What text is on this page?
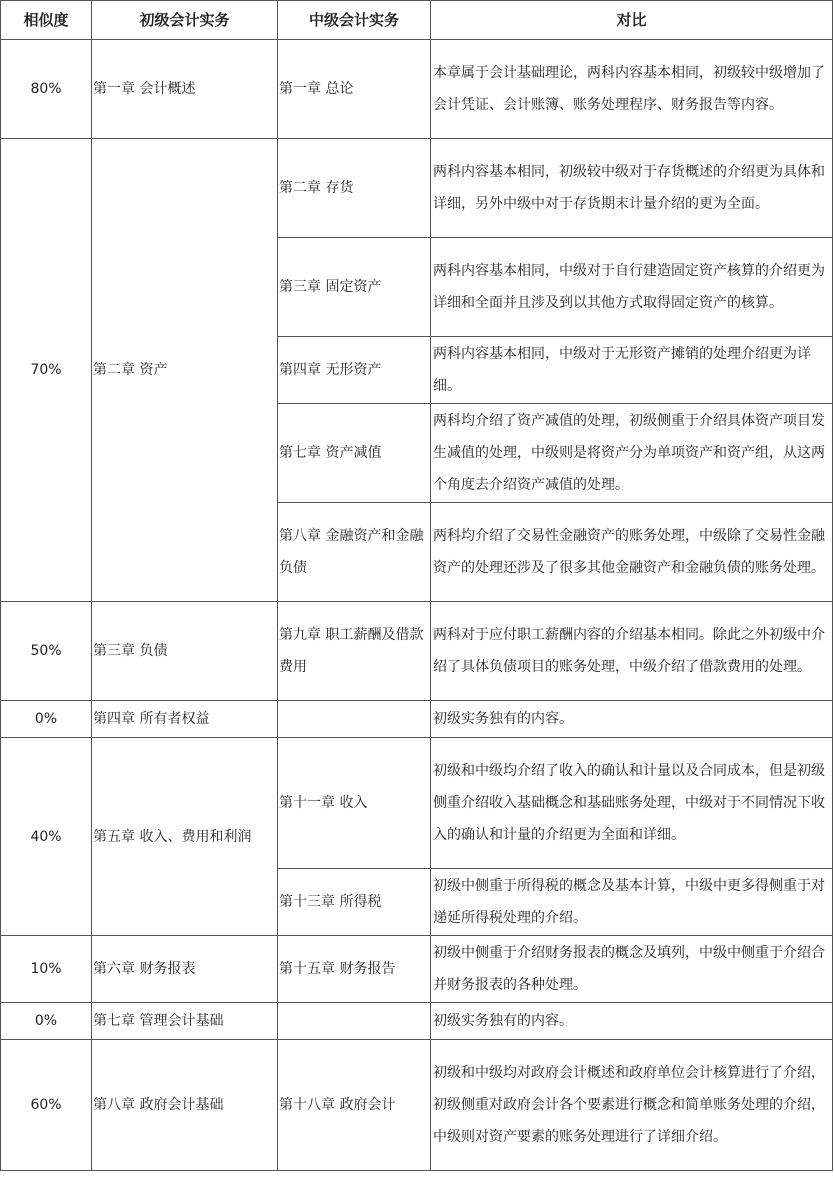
相似度	初级会计实务	中级会计实务	对比
80%	第一章 会计概述	第一章 总论	本章属于会计基础理论，两科内容基本相同，初级较中级增加了会计凭证、会计账簿、账务处理程序、财务报告等内容。
70%	第二章 资产	第二章 存货	两科内容基本相同，初级较中级对于存货概述的介绍更为具体和详细，另外中级中对于存货期末计量介绍的更为全面。
		第三章 固定资产	两科内容基本相同，中级对于自行建造固定资产核算的介绍更为详细和全面并且涉及到以其他方式取得固定资产的核算。
		第四章 无形资产	两科内容基本相同，中级对于无形资产摊销的处理介绍更为详细。
		第七章 资产减值	两科均介绍了资产减值的处理，初级侧重于介绍具体资产项目发生减值的处理，中级则是将资产分为单项资产和资产组，从这两个角度去介绍资产减值的处理。
		第八章 金融资产和金融负债	两科均介绍了交易性金融资产的账务处理，中级除了交易性金融资产的处理还涉及了很多其他金融资产和金融负债的账务处理。
50%	第三章 负债	第九章 职工薪酬及借款费用	两科对于应付职工薪酬内容的介绍基本相同。除此之外初级中介绍了具体负债项目的账务处理，中级介绍了借款费用的处理。
0%	第四章 所有者权益		初级实务独有的内容。
40%	第五章 收入、费用和利润	第十一章 收入	初级和中级均介绍了收入的确认和计量以及合同成本，但是初级侧重介绍收入基础概念和基础账务处理，中级对于不同情况下收入的确认和计量的介绍更为全面和详细。
		第十三章 所得税	初级中侧重于所得税的概念及基本计算，中级中更多得侧重于对递延所得税处理的介绍。
10%	第六章 财务报表	第十五章 财务报告	初级中侧重于介绍财务报表的概念及填列，中级中侧重于介绍合并财务报表的各种处理。
0%	第七章 管理会计基础		初级实务独有的内容。
60%	第八章 政府会计基础	第十八章 政府会计	初级和中级均对政府会计概述和政府单位会计核算进行了介绍，初级侧重对政府会计各个要素进行概念和简单账务处理的介绍，中级则对资产要素的账务处理进行了详细介绍。
